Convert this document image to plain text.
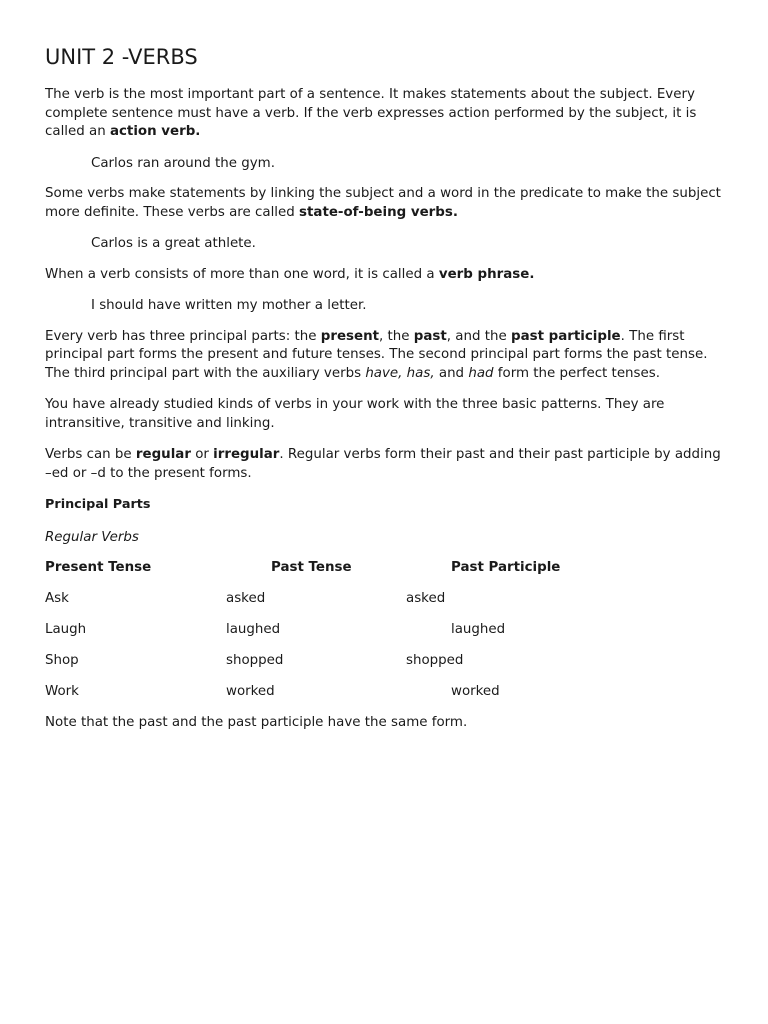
UNIT 2 -VERBS

The verb is the most important part of a sentence. It makes statements about the subject. Every complete sentence must have a verb. If the verb expresses action performed by the subject, it is called an action verb.

Carlos ran around the gym.

Some verbs make statements by linking the subject and a word in the predicate to make the subject more definite. These verbs are called state-of-being verbs.

Carlos is a great athlete.

When a verb consists of more than one word, it is called a verb phrase.

I should have written my mother a letter.

Every verb has three principal parts: the present, the past, and the past participle. The first principal part forms the present and future tenses. The second principal part forms the past tense. The third principal part with the auxiliary verbs have, has, and had form the perfect tenses.

You have already studied kinds of verbs in your work with the three basic patterns. They are intransitive, transitive and linking.

Verbs can be regular or irregular. Regular verbs form their past and their past participle by adding –ed or –d to the present forms.

Principal Parts
Regular Verbs
Present Tense	Past Tense	Past Participle
Ask	asked	asked
Laugh	laughed	laughed
Shop	shopped	shopped
Work	worked	worked

Note that the past and the past participle have the same form.
